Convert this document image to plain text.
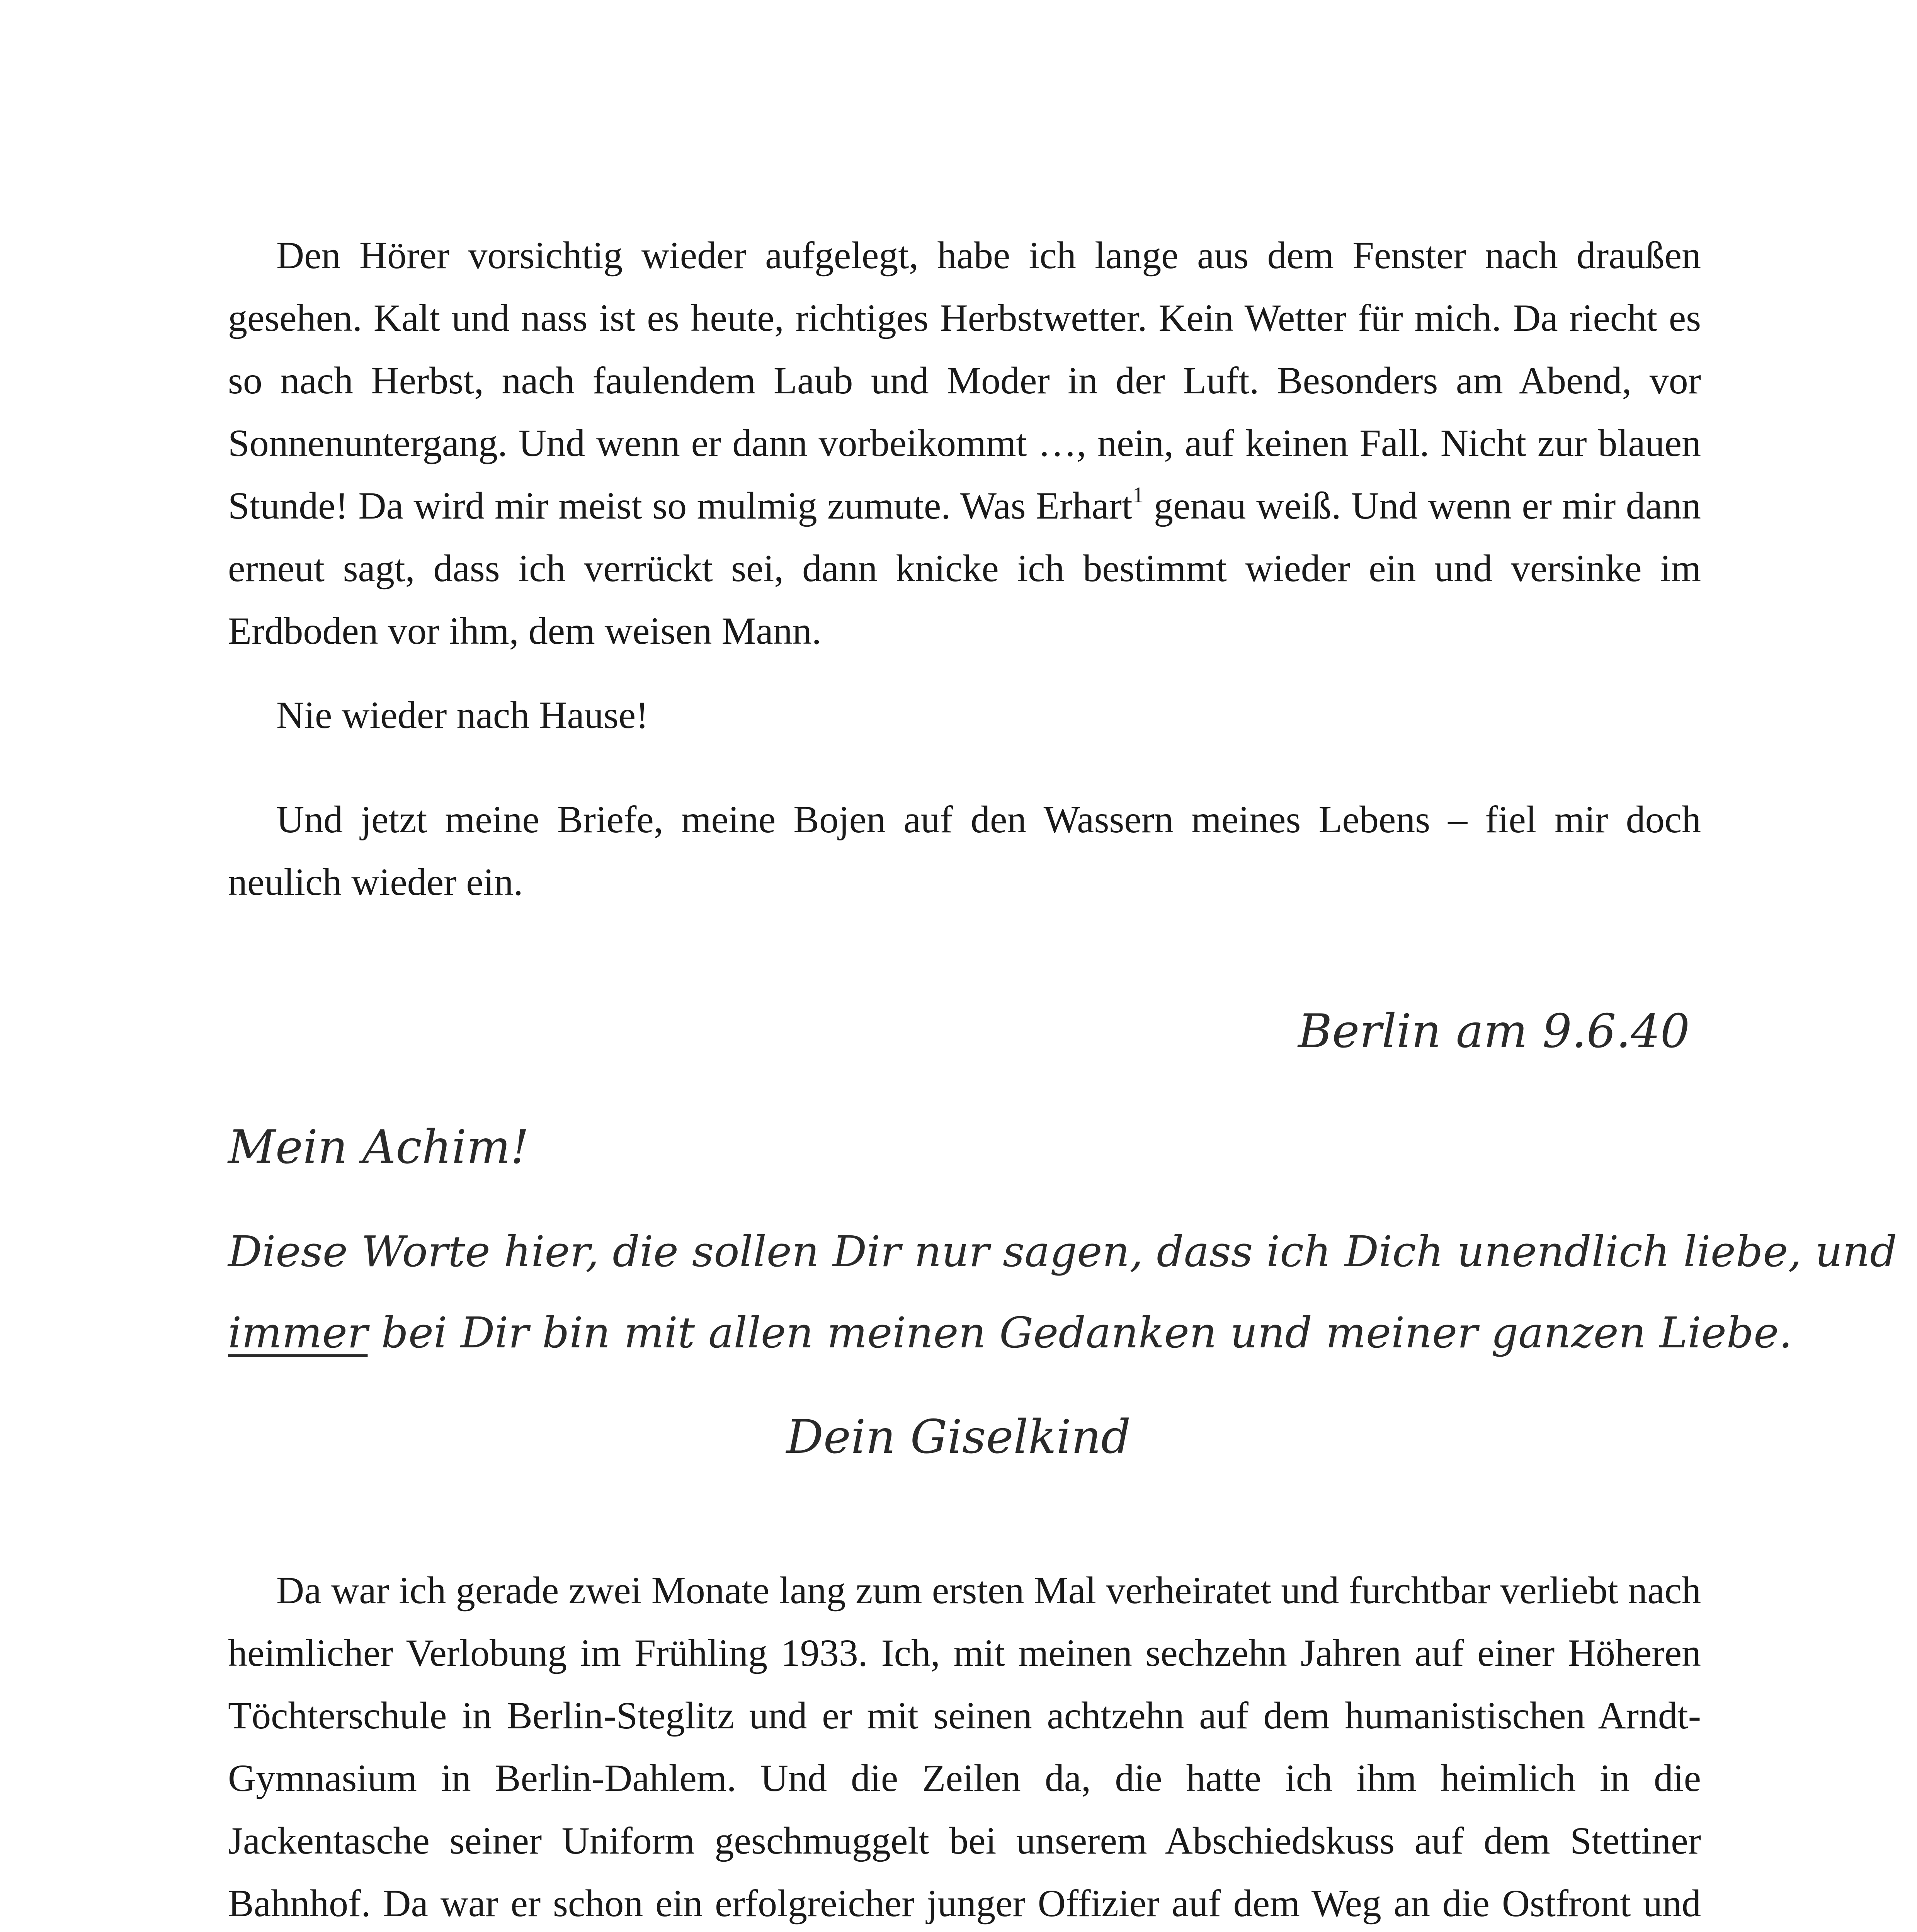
Den Hörer vorsichtig wieder aufgelegt, habe ich lange aus dem Fenster nach draußen gesehen. Kalt und nass ist es heute, richtiges Herbstwetter. Kein Wetter für mich. Da riecht es so nach Herbst, nach faulendem Laub und Moder in der Luft. Besonders am Abend, vor Sonnenuntergang. Und wenn er dann vorbeikommt …, nein, auf keinen Fall. Nicht zur blauen Stunde! Da wird mir meist so mulmig zumute. Was Erhart$^1$ genau weiß. Und wenn er mir dann erneut sagt, dass ich verrückt sei, dann knicke ich bestimmt wieder ein und versinke im Erdboden vor ihm, dem weisen Mann.

Nie wieder nach Hause!

Und jetzt meine Briefe, meine Bojen auf den Wassern meines Lebens – fiel mir doch neulich wieder ein.

Berlin am 9.6.40
Mein Achim!
Diese Worte hier, die sollen Dir nur sagen, dass ich Dich unendlich liebe, und
immer bei Dir bin mit allen meinen Gedanken und meiner ganzen Liebe.
Dein Giselkind

Da war ich gerade zwei Monate lang zum ersten Mal verheiratet und furchtbar verliebt nach heimlicher Verlobung im Frühling 1933. Ich, mit meinen sechzehn Jahren auf einer Höheren Töchterschule in Berlin-Steglitz und er mit seinen achtzehn auf dem humanistischen Arndt-Gymnasium in Berlin-Dahlem. Und die Zeilen da, die hatte ich ihm heimlich in die Jackentasche seiner Uniform geschmuggelt bei unserem Abschiedskuss auf dem Stettiner Bahnhof. Da war er schon ein erfolgreicher junger Offizier auf dem Weg an die Ostfront und
